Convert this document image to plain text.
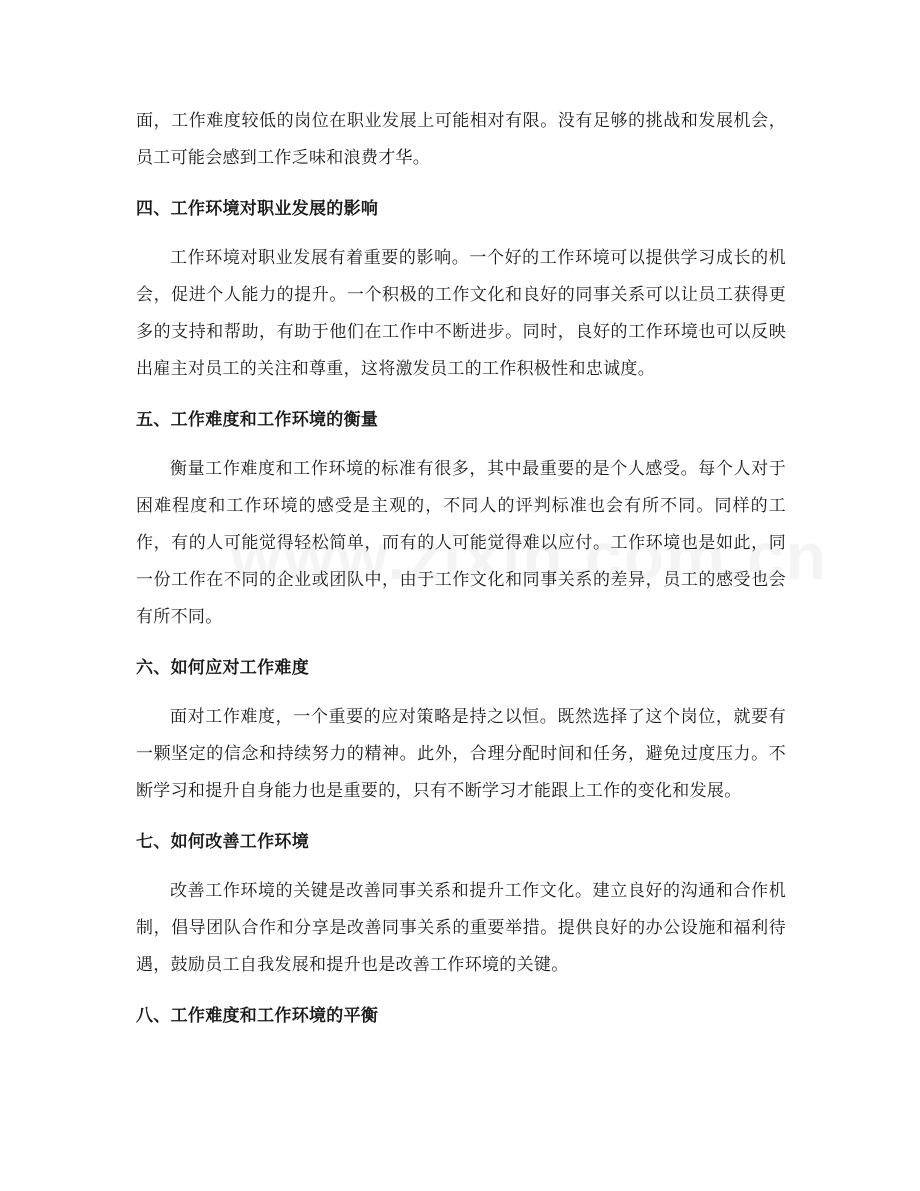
面，工作难度较低的岗位在职业发展上可能相对有限。没有足够的挑战和发展机会，员工可能会感到工作乏味和浪费才华。

四、工作环境对职业发展的影响

工作环境对职业发展有着重要的影响。一个好的工作环境可以提供学习成长的机会，促进个人能力的提升。一个积极的工作文化和良好的同事关系可以让员工获得更多的支持和帮助，有助于他们在工作中不断进步。同时，良好的工作环境也可以反映出雇主对员工的关注和尊重，这将激发员工的工作积极性和忠诚度。

五、工作难度和工作环境的衡量

衡量工作难度和工作环境的标准有很多，其中最重要的是个人感受。每个人对于困难程度和工作环境的感受是主观的，不同人的评判标准也会有所不同。同样的工作，有的人可能觉得轻松简单，而有的人可能觉得难以应付。工作环境也是如此，同一份工作在不同的企业或团队中，由于工作文化和同事关系的差异，员工的感受也会有所不同。

六、如何应对工作难度

面对工作难度，一个重要的应对策略是持之以恒。既然选择了这个岗位，就要有一颗坚定的信念和持续努力的精神。此外，合理分配时间和任务，避免过度压力。不断学习和提升自身能力也是重要的，只有不断学习才能跟上工作的变化和发展。

七、如何改善工作环境

改善工作环境的关键是改善同事关系和提升工作文化。建立良好的沟通和合作机制，倡导团队合作和分享是改善同事关系的重要举措。提供良好的办公设施和福利待遇，鼓励员工自我发展和提升也是改善工作环境的关键。

八、工作难度和工作环境的平衡
